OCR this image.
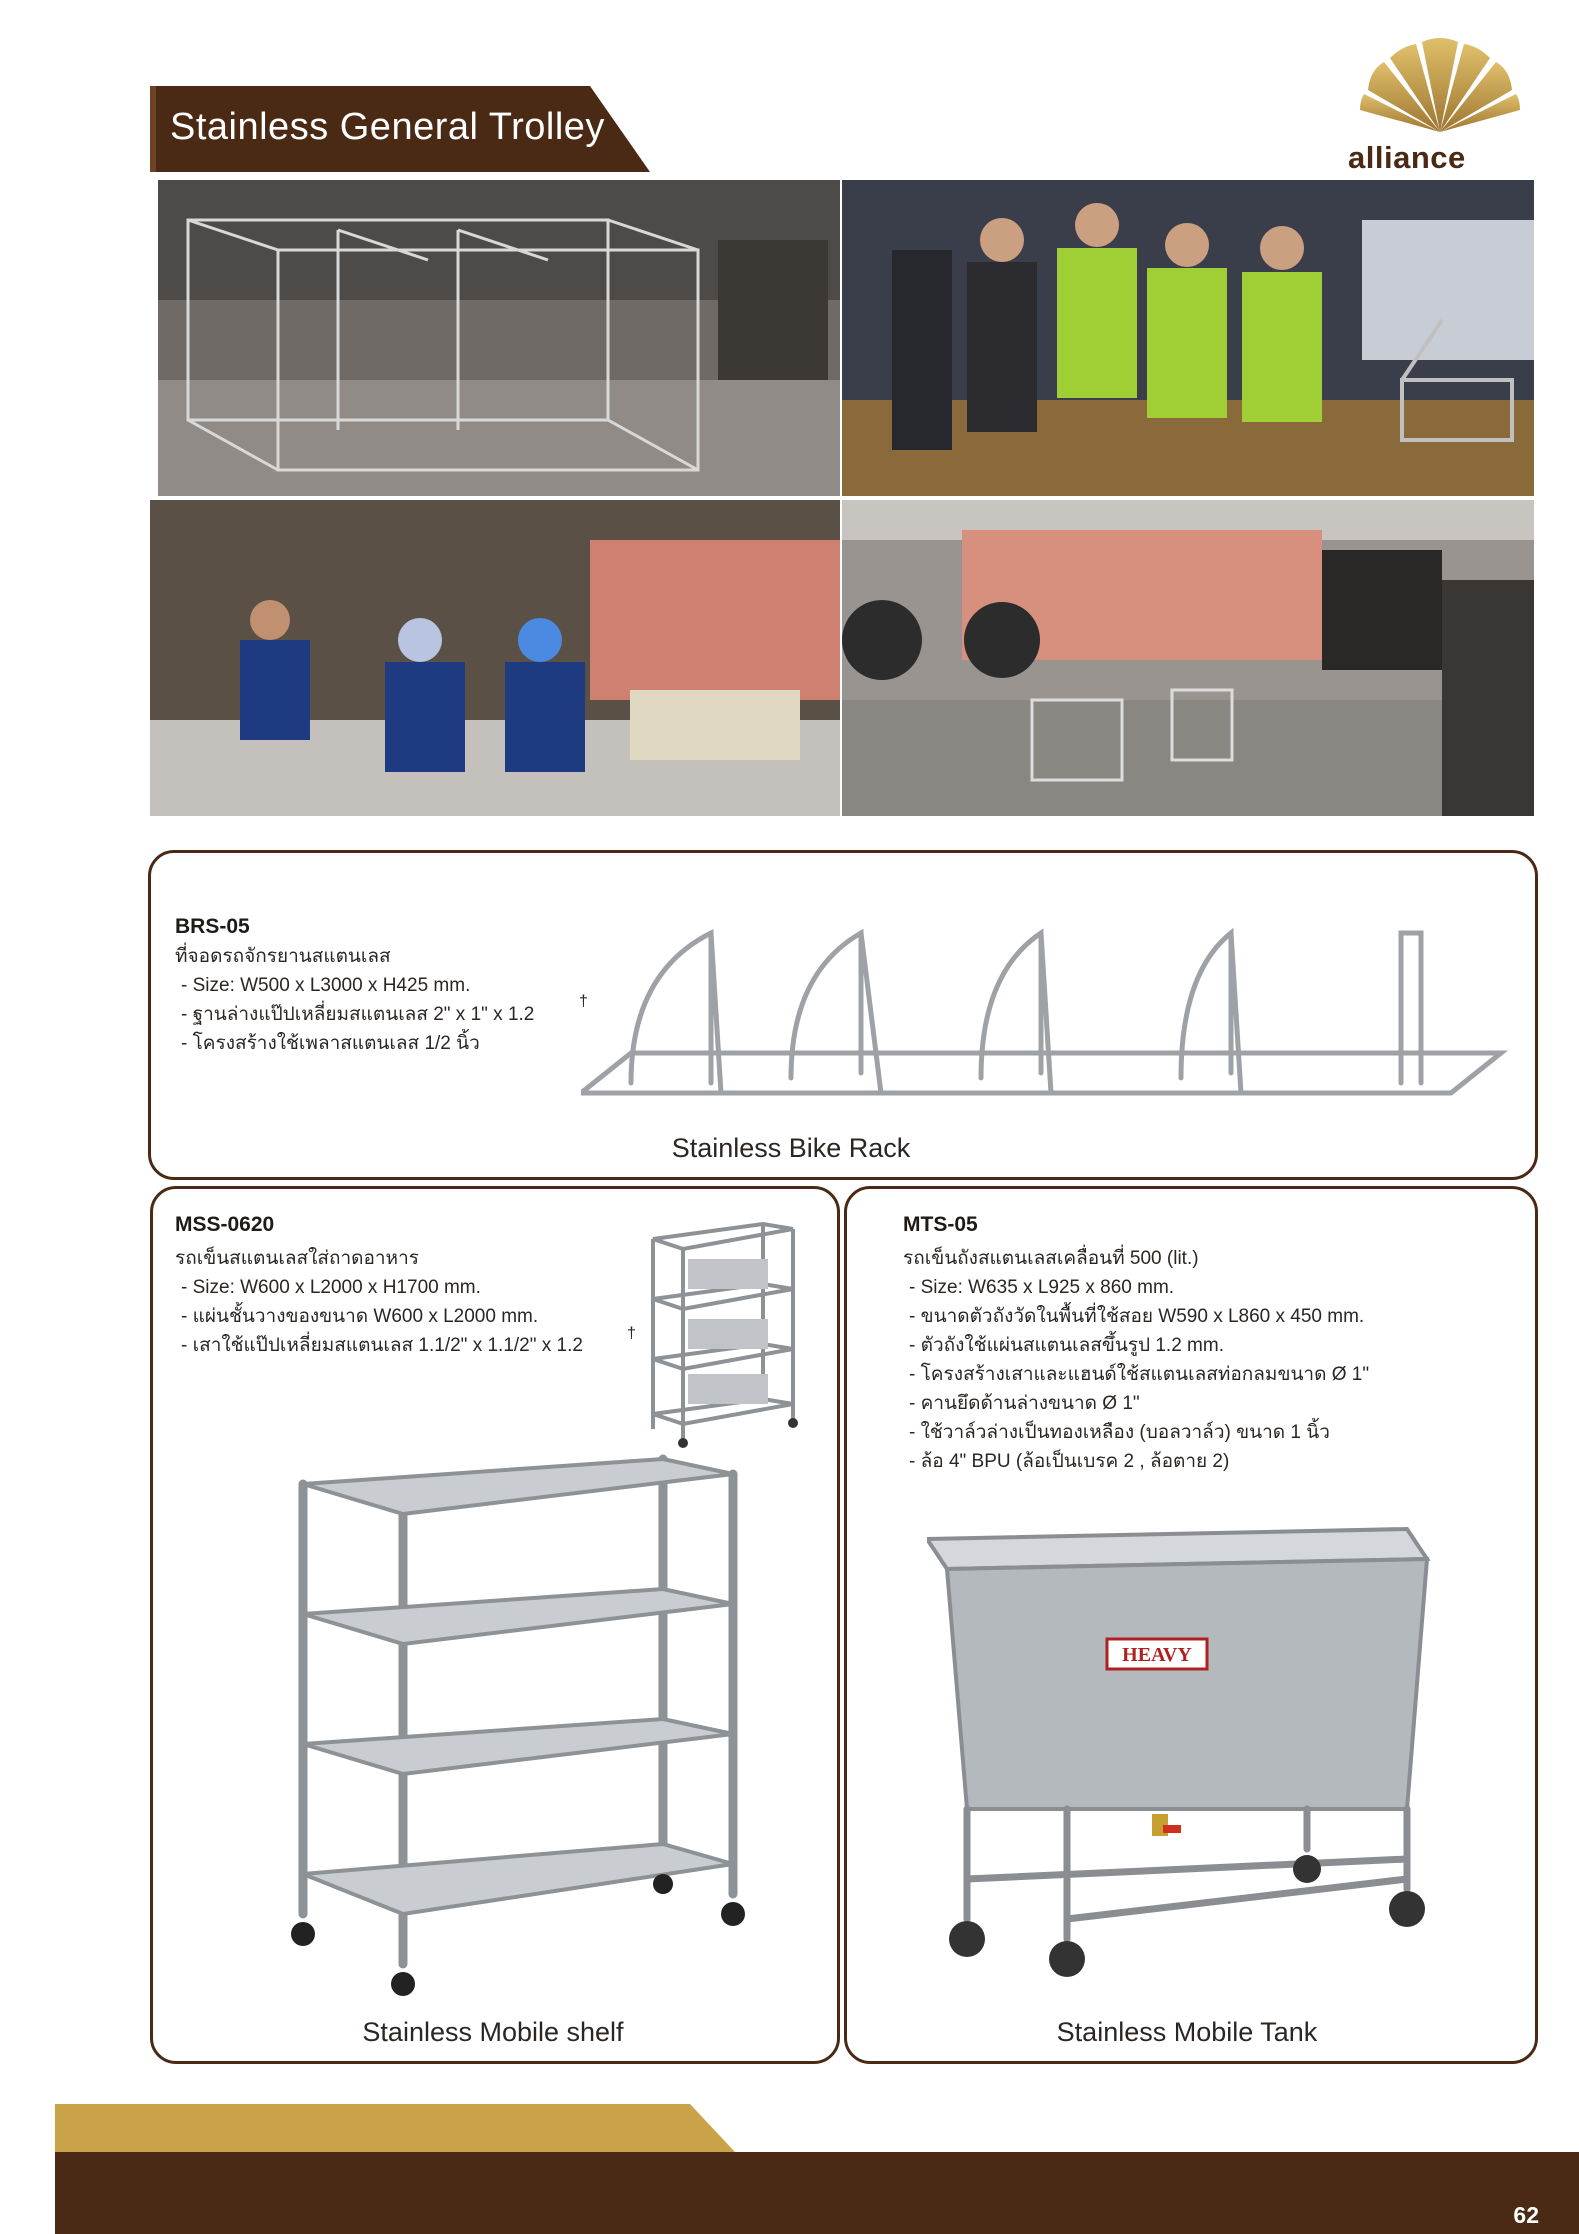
Stainless General Trolley
alliance
BRS-05
ที่จอดรถจักรยานสแตนเลส
- Size: W500 x L3000 x H425 mm.
- ฐานล่างแป๊ปเหลี่ยมสแตนเลส 2" x 1" x 1.2
- โครงสร้างใช้เพลาสแตนเลส 1/2 นิ้ว
†
Stainless Bike Rack
MSS-0620
รถเข็นสแตนเลสใส่ถาดอาหาร
- Size: W600 x L2000 x H1700 mm.
- แผ่นชั้นวางของขนาด W600 x L2000 mm.
- เสาใช้แป๊ปเหลี่ยมสแตนเลส 1.1/2" x 1.1/2" x 1.2
†
Stainless Mobile shelf
MTS-05
รถเข็นถังสแตนเลสเคลื่อนที่ 500 (lit.)
- Size: W635 x L925 x 860 mm.
- ขนาดตัวถังวัดในพื้นที่ใช้สอย W590 x L860 x 450 mm.
- ตัวถังใช้แผ่นสแตนเลสขึ้นรูป 1.2 mm.
- โครงสร้างเสาและแฮนด์ใช้สแตนเลสท่อกลมขนาด Ø 1"
- คานยึดด้านล่างขนาด Ø 1"
- ใช้วาล์วล่างเป็นทองเหลือง (บอลวาล์ว) ขนาด 1 นิ้ว
- ล้อ 4" BPU (ล้อเป็นเบรค 2 , ล้อตาย 2)
HEAVY
Stainless Mobile Tank
62
